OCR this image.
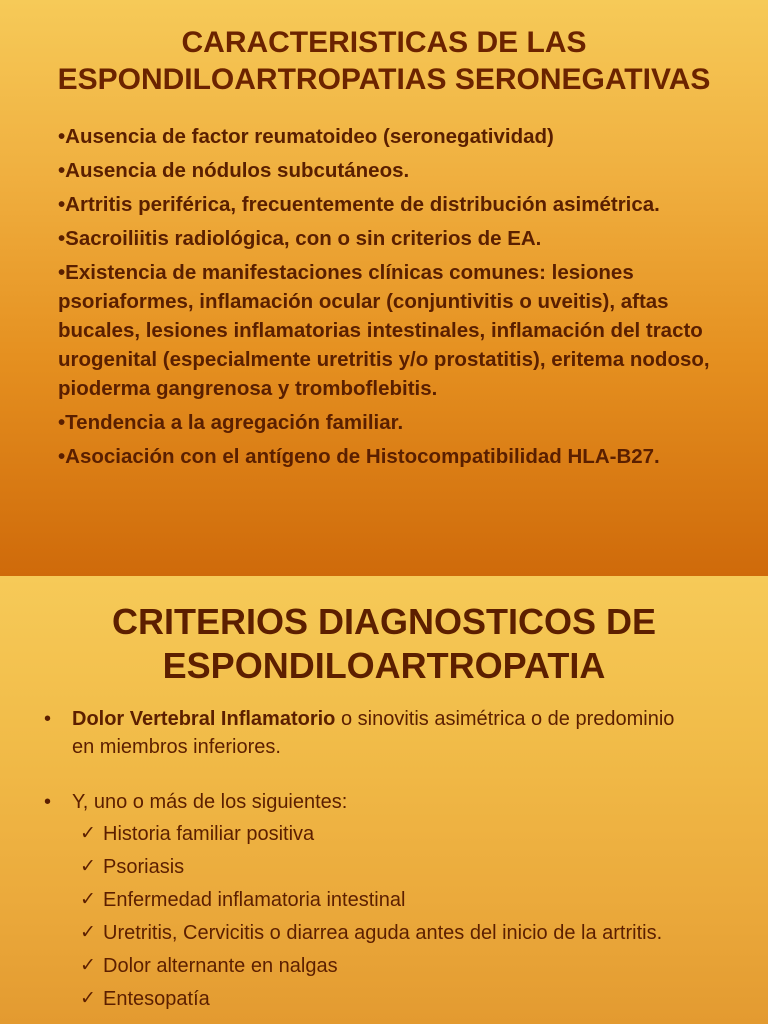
CARACTERISTICAS DE LAS
ESPONDILOARTROPATIAS SERONEGATIVAS
•Ausencia de factor reumatoideo (seronegatividad)
•Ausencia de nódulos subcutáneos.
•Artritis periférica, frecuentemente de distribución asimétrica.
•Sacroiliitis radiológica, con o sin criterios de EA.
•Existencia de manifestaciones clínicas comunes: lesiones psoriaformes, inflamación ocular (conjuntivitis o uveitis), aftas bucales, lesiones inflamatorias intestinales, inflamación del tracto urogenital (especialmente uretritis y/o prostatitis), eritema nodoso, pioderma gangrenosa y tromboflebitis.
•Tendencia a la agregación familiar.
•Asociación con el antígeno de Histocompatibilidad HLA-B27.
CRITERIOS DIAGNOSTICOS DE
ESPONDILOARTROPATIA
• Dolor Vertebral Inflamatorio o sinovitis asimétrica o de predominio en miembros inferiores.
• Y, uno o más de los siguientes:
✓ Historia familiar positiva
✓ Psoriasis
✓ Enfermedad inflamatoria intestinal
✓ Uretritis, Cervicitis o diarrea aguda antes del inicio de la artritis.
✓ Dolor alternante en nalgas
✓ Entesopatía
